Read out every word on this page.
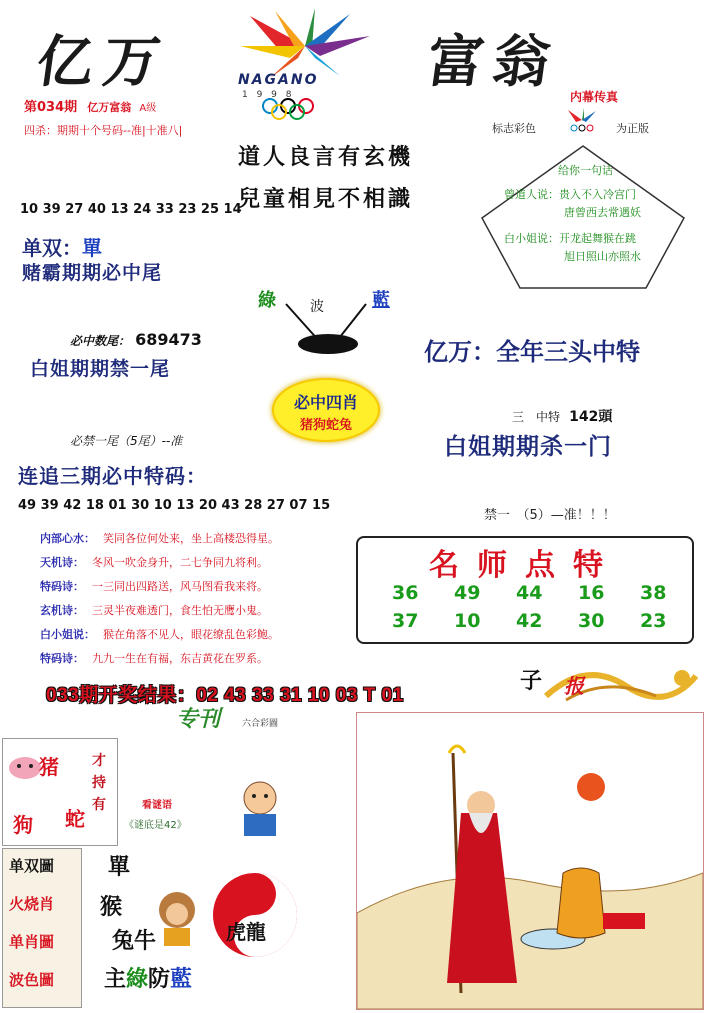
亿万	富翁
NAGANO
1 9 9 8
第034期 亿万富翁 A级
四杀：期期十个号码--准|十准八|
道人良言有玄機
兒童相見不相識
内幕传真
标志彩色	为正版
给你一句话
曾道人说：贵入不入冷宫门
唐曾西去常遇妖
白小姐说：开龙起舞猴在跳
旭日照山亦照水
10 39 27 40 13 24 33 23 25 14
单双：單
赌霸期期必中尾
綠 波	藍
必中数尾： 689473
白姐期期禁一尾
亿万：全年三头中特
必中四肖
猪狗蛇兔
三　中特 142頭
白姐期期杀一门
必禁一尾（5尾）--准
连追三期必中特码：
49 39 42 18 01 30 10 13 20 43 28 27 07 15
禁一　（5）—准！！！
内部心水： 笑同各位何处来，坐上高楼恐得星。
天机诗： 冬风一吹金身升，二七争同九将利。
特码诗： 一三同出四路送，风马图看我来将。
玄机诗： 三灵半夜难透门，食生怕无鹰小鬼。
白小姐说： 猴在角落不见人，眼花缭乱色彩鲍。
特码诗： 九九一生在有福，东吉黄花在罗系。
名师点特
36 49 44 16 38
37 10 42 30 23
033期开奖结果：02 43 33 31 10 03 T 01
子 报
专刊 六合彩圖
猪
狗 蛇
才持有	看谜语
《谜底是42》
单双圖
火烧肖
单肖圖
波色圖
單
猴
兔牛	虎龍
主綠防藍
